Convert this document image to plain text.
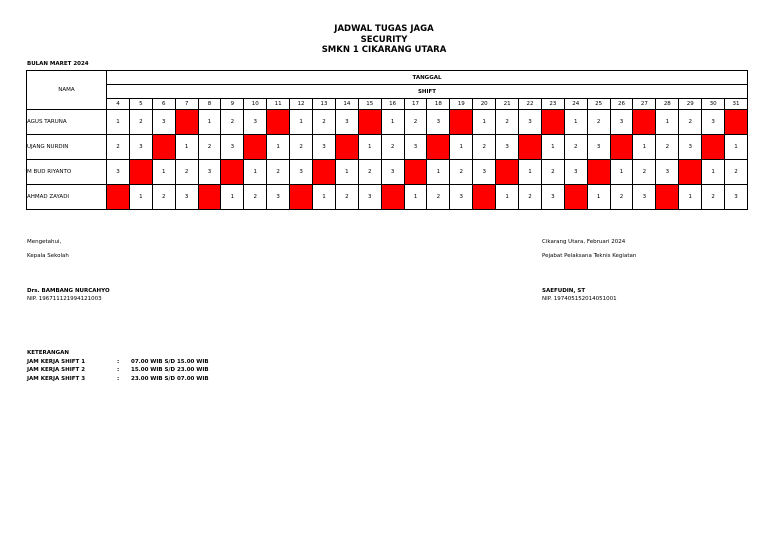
JADWAL TUGAS JAGA
SECURITY
SMKN 1 CIKARANG UTARA
BULAN MARET 2024
NAMA	TANGGAL																											
	SHIFT																											
	4	5	6	7	8	9	10	11	12	13	14	15	16	17	18	19	20	21	22	23	24	25	26	27	28	29	30	31
AGUS TARUNA	1	2	3		1	2	3		1	2	3		1	2	3		1	2	3		1	2	3		1	2	3	
UJANG NURDIN	2	3		1	2	3		1	2	3		1	2	3		1	2	3		1	2	3		1	2	3		1
M BUD RIYANTO	3		1	2	3		1	2	3		1	2	3		1	2	3		1	2	3		1	2	3		1	2
AHMAD ZAYADI		1	2	3		1	2	3		1	2	3		1	2	3		1	2	3		1	2	3		1	2	3
Mengetahui,
Kepala Sekolah
Drs. BAMBANG NURCAHYO
NIP. 196711121994121003
Cikarang Utara, Februari 2024
Pejabat Pelaksana Teknis Kegiatan
SAEFUDIN, ST
NIP. 197405152014051001
KETERANGAN
JAM KERJA SHIFT 1	: 07.00 WIB S/D 15.00 WIB
JAM KERJA SHIFT 2	: 15.00 WIB S/D 23.00 WIB
JAM KERJA SHIFT 3	: 23.00 WIB S/D 07.00 WIB
